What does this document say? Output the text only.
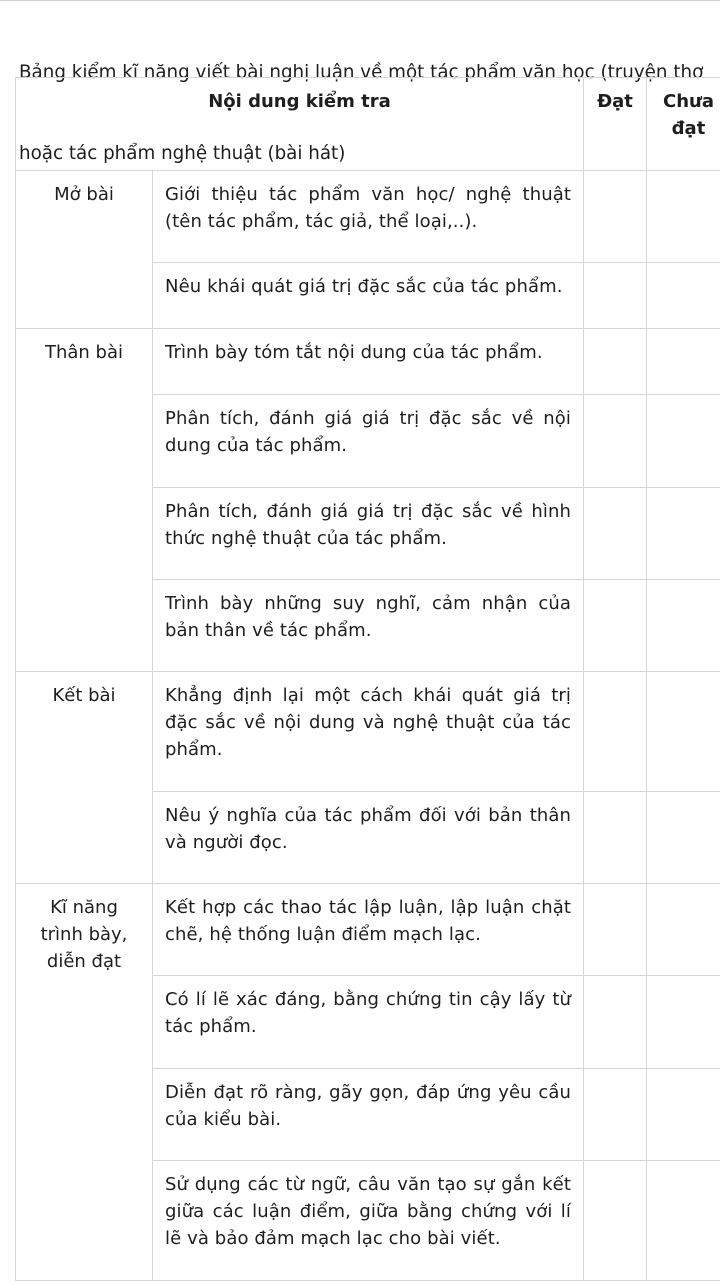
Bảng kiểm kĩ năng viết bài nghị luận về một tác phẩm văn học (truyện thơ

hoặc tác phẩm nghệ thuật (bài hát)

Nội dung kiểm tra		Đạt	Chưa đạt
Mở bài	Giới thiệu tác phẩm văn học/ nghệ thuật (tên tác phẩm, tác giả, thể loại,..).		
	Nêu khái quát giá trị đặc sắc của tác phẩm.		
Thân bài	Trình bày tóm tắt nội dung của tác phẩm.		
	Phân tích, đánh giá giá trị đặc sắc về nội dung của tác phẩm.		
	Phân tích, đánh giá giá trị đặc sắc về hình thức nghệ thuật của tác phẩm.		
	Trình bày những suy nghĩ, cảm nhận của bản thân về tác phẩm.		
Kết bài	Khẳng định lại một cách khái quát giá trị đặc sắc về nội dung và nghệ thuật của tác phẩm.		
	Nêu ý nghĩa của tác phẩm đối với bản thân và người đọc.		
Kĩ năng trình bày, diễn đạt	Kết hợp các thao tác lập luận, lập luận chặt chẽ, hệ thống luận điểm mạch lạc.		
	Có lí lẽ xác đáng, bằng chứng tin cậy lấy từ tác phẩm.		
	Diễn đạt rõ ràng, gãy gọn, đáp ứng yêu cầu của kiểu bài.		
	Sử dụng các từ ngữ, câu văn tạo sự gắn kết giữa các luận điểm, giữa bằng chứng với lí lẽ và bảo đảm mạch lạc cho bài viết.		
